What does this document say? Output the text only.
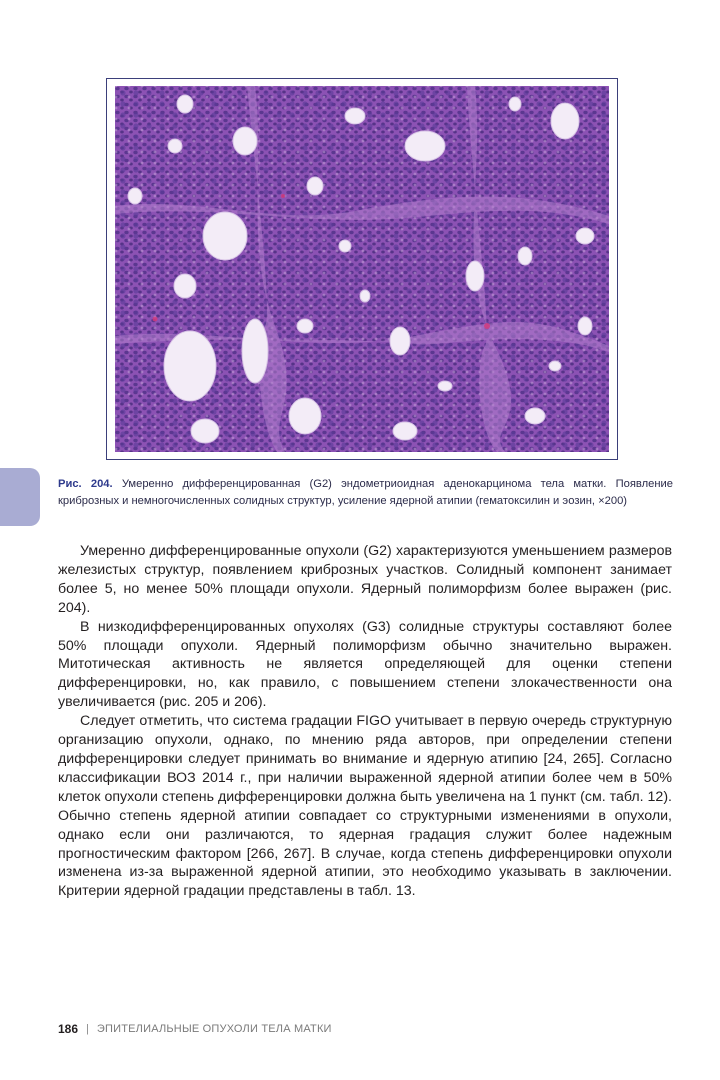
Рис. 204. Умеренно дифференцированная (G2) эндометриоидная аденокарцинома тела матки. Появление криброзных и немногочисленных солидных структур, усиление ядерной атипии (гематоксилин и эозин, ×200)

Умеренно дифференцированные опухоли (G2) характеризуются уменьшением размеров железистых структур, появлением криброзных участков. Солидный компонент занимает более 5, но менее 50% площади опухоли. Ядерный полиморфизм более выражен (рис. 204).

В низкодифференцированных опухолях (G3) солидные структуры составляют более 50% площади опухоли. Ядерный полиморфизм обычно значительно выражен. Митотическая активность не является определяющей для оценки степени дифференцировки, но, как правило, с повышением степени злокачественности она увеличивается (рис. 205 и 206).

Следует отметить, что система градации FIGO учитывает в первую очередь структурную организацию опухоли, однако, по мнению ряда авторов, при определении степени дифференцировки следует принимать во внимание и ядерную атипию [24, 265]. Согласно классификации ВОЗ 2014 г., при наличии выраженной ядерной атипии более чем в 50% клеток опухоли степень дифференцировки должна быть увеличена на 1 пункт (см. табл. 12). Обычно степень ядерной атипии совпадает со структурными изменениями в опухоли, однако если они различаются, то ядерная градация служит более надежным прогностическим фактором [266, 267]. В случае, когда степень дифференцировки опухоли изменена из-за выраженной ядерной атипии, это необходимо указывать в заключении. Критерии ядерной градации представлены в табл. 13.

186 | ЭПИТЕЛИАЛЬНЫЕ ОПУХОЛИ ТЕЛА МАТКИ
